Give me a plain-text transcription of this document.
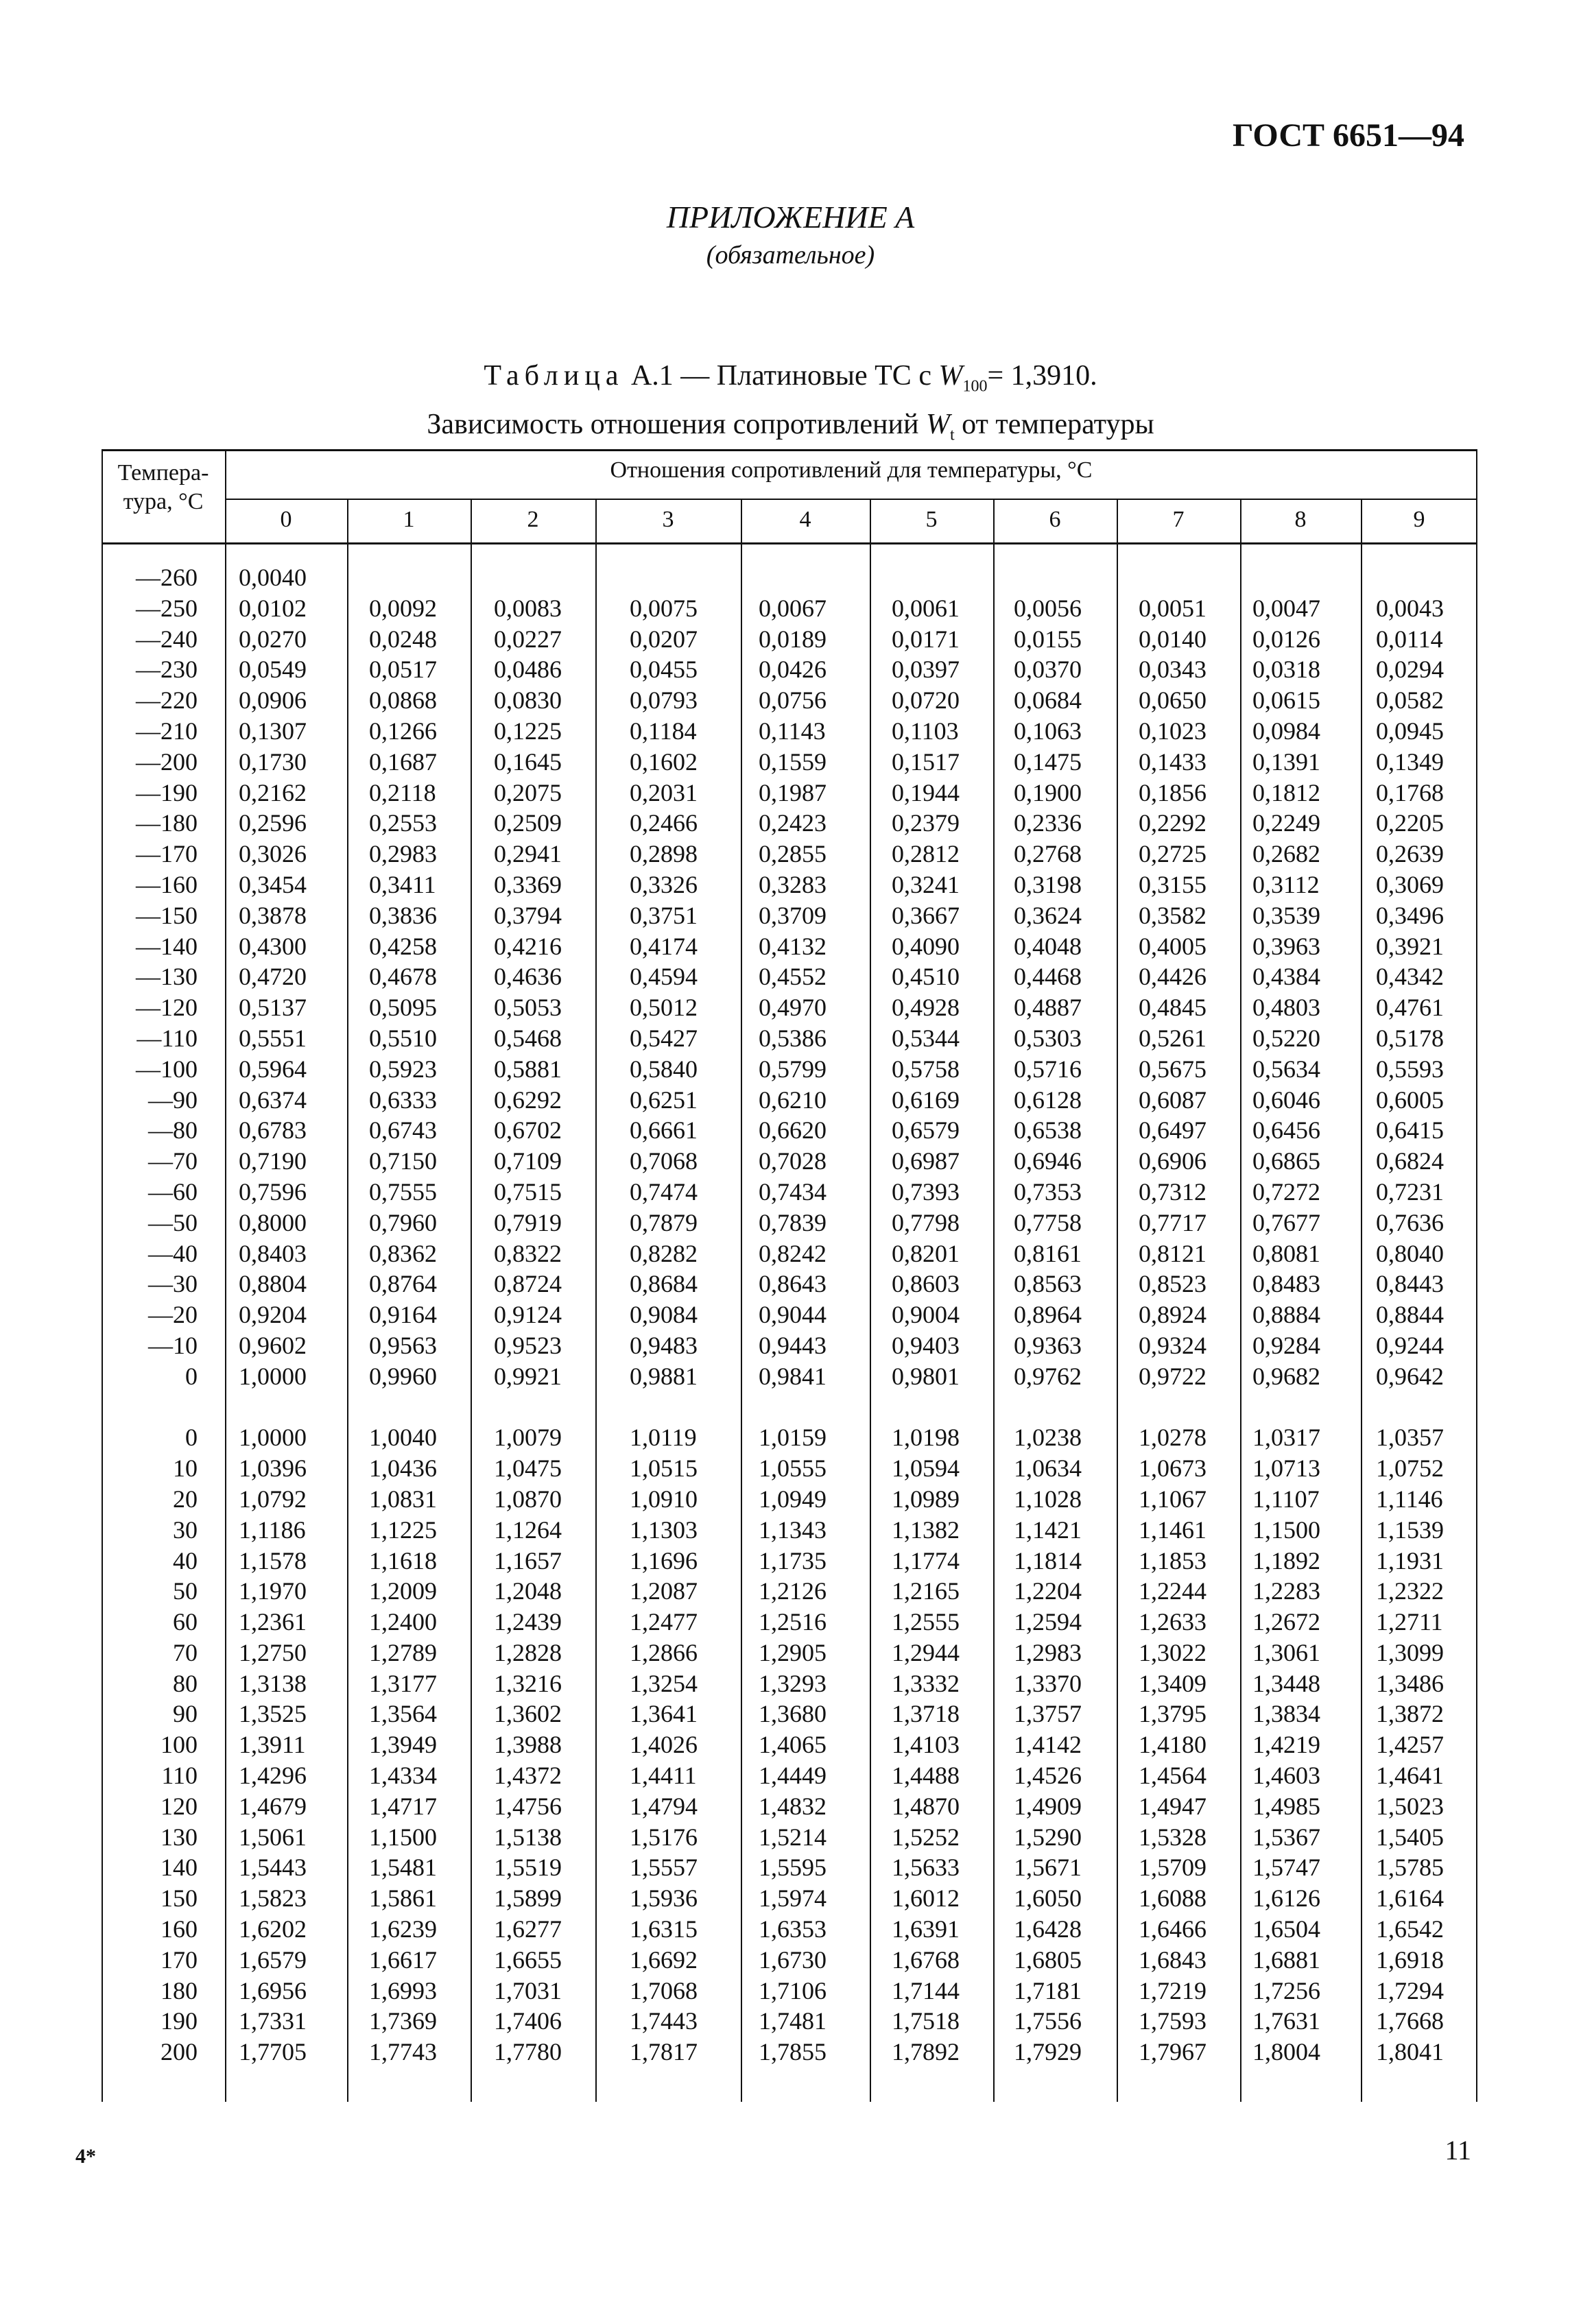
ГОСТ 6651—94
ПРИЛОЖЕНИЕ А
(обязательное)
Таблица А.1 — Платиновые ТС с $W_{100}= 1,3910$.
Зависимость отношения сопротивлений $W_t$ от температуры
Темпера-
тура, °С
Отношения сопротивлений для температуры, °С
0	1	2	3	4	5	6	7	8	9
—260 0,0040
—250 0,0102	0,0092	0,0083	0,0075	0,0067	0,0061	0,0056	0,0051	0,0047	0,0043
—240 0,0270	0,0248	0,0227	0,0207	0,0189	0,0171	0,0155	0,0140	0,0126	0,0114
—230 0,0549	0,0517	0,0486	0,0455	0,0426	0,0397	0,0370	0,0343	0,0318	0,0294
—220 0,0906	0,0868	0,0830	0,0793	0,0756	0,0720	0,0684	0,0650	0,0615	0,0582
—210 0,1307	0,1266	0,1225	0,1184	0,1143	0,1103	0,1063	0,1023	0,0984	0,0945
—200 0,1730	0,1687	0,1645	0,1602	0,1559	0,1517	0,1475	0,1433	0,1391	0,1349
—190 0,2162	0,2118	0,2075	0,2031	0,1987	0,1944	0,1900	0,1856	0,1812	0,1768
—180 0,2596	0,2553	0,2509	0,2466	0,2423	0,2379	0,2336	0,2292	0,2249	0,2205
—170 0,3026	0,2983	0,2941	0,2898	0,2855	0,2812	0,2768	0,2725	0,2682	0,2639
—160 0,3454	0,3411	0,3369	0,3326	0,3283	0,3241	0,3198	0,3155	0,3112	0,3069
—150 0,3878	0,3836	0,3794	0,3751	0,3709	0,3667	0,3624	0,3582	0,3539	0,3496
—140 0,4300	0,4258	0,4216	0,4174	0,4132	0,4090	0,4048	0,4005	0,3963	0,3921
—130 0,4720	0,4678	0,4636	0,4594	0,4552	0,4510	0,4468	0,4426	0,4384	0,4342
—120 0,5137	0,5095	0,5053	0,5012	0,4970	0,4928	0,4887	0,4845	0,4803	0,4761
—110 0,5551	0,5510	0,5468	0,5427	0,5386	0,5344	0,5303	0,5261	0,5220	0,5178
—100 0,5964	0,5923	0,5881	0,5840	0,5799	0,5758	0,5716	0,5675	0,5634	0,5593
—90 0,6374	0,6333	0,6292	0,6251	0,6210	0,6169	0,6128	0,6087	0,6046	0,6005
—80 0,6783	0,6743	0,6702	0,6661	0,6620	0,6579	0,6538	0,6497	0,6456	0,6415
—70 0,7190	0,7150	0,7109	0,7068	0,7028	0,6987	0,6946	0,6906	0,6865	0,6824
—60 0,7596	0,7555	0,7515	0,7474	0,7434	0,7393	0,7353	0,7312	0,7272	0,7231
—50 0,8000	0,7960	0,7919	0,7879	0,7839	0,7798	0,7758	0,7717	0,7677	0,7636
—40 0,8403	0,8362	0,8322	0,8282	0,8242	0,8201	0,8161	0,8121	0,8081	0,8040
—30 0,8804	0,8764	0,8724	0,8684	0,8643	0,8603	0,8563	0,8523	0,8483	0,8443
—20 0,9204	0,9164	0,9124	0,9084	0,9044	0,9004	0,8964	0,8924	0,8884	0,8844
—10 0,9602	0,9563	0,9523	0,9483	0,9443	0,9403	0,9363	0,9324	0,9284	0,9244
0 1,0000	0,9960	0,9921	0,9881	0,9841	0,9801	0,9762	0,9722	0,9682	0,9642
0 1,0000	1,0040	1,0079	1,0119	1,0159	1,0198	1,0238	1,0278	1,0317	1,0357
10 1,0396	1,0436	1,0475	1,0515	1,0555	1,0594	1,0634	1,0673	1,0713	1,0752
20 1,0792	1,0831	1,0870	1,0910	1,0949	1,0989	1,1028	1,1067	1,1107	1,1146
30 1,1186	1,1225	1,1264	1,1303	1,1343	1,1382	1,1421	1,1461	1,1500	1,1539
40 1,1578	1,1618	1,1657	1,1696	1,1735	1,1774	1,1814	1,1853	1,1892	1,1931
50 1,1970	1,2009	1,2048	1,2087	1,2126	1,2165	1,2204	1,2244	1,2283	1,2322
60 1,2361	1,2400	1,2439	1,2477	1,2516	1,2555	1,2594	1,2633	1,2672	1,2711
70 1,2750	1,2789	1,2828	1,2866	1,2905	1,2944	1,2983	1,3022	1,3061	1,3099
80 1,3138	1,3177	1,3216	1,3254	1,3293	1,3332	1,3370	1,3409	1,3448	1,3486
90 1,3525	1,3564	1,3602	1,3641	1,3680	1,3718	1,3757	1,3795	1,3834	1,3872
100 1,3911	1,3949	1,3988	1,4026	1,4065	1,4103	1,4142	1,4180	1,4219	1,4257
110 1,4296	1,4334	1,4372	1,4411	1,4449	1,4488	1,4526	1,4564	1,4603	1,4641
120 1,4679	1,4717	1,4756	1,4794	1,4832	1,4870	1,4909	1,4947	1,4985	1,5023
130 1,5061	1,1500	1,5138	1,5176	1,5214	1,5252	1,5290	1,5328	1,5367	1,5405
140 1,5443	1,5481	1,5519	1,5557	1,5595	1,5633	1,5671	1,5709	1,5747	1,5785
150 1,5823	1,5861	1,5899	1,5936	1,5974	1,6012	1,6050	1,6088	1,6126	1,6164
160 1,6202	1,6239	1,6277	1,6315	1,6353	1,6391	1,6428	1,6466	1,6504	1,6542
170 1,6579	1,6617	1,6655	1,6692	1,6730	1,6768	1,6805	1,6843	1,6881	1,6918
180 1,6956	1,6993	1,7031	1,7068	1,7106	1,7144	1,7181	1,7219	1,7256	1,7294
190 1,7331	1,7369	1,7406	1,7443	1,7481	1,7518	1,7556	1,7593	1,7631	1,7668
200 1,7705	1,7743	1,7780	1,7817	1,7855	1,7892	1,7929	1,7967	1,8004	1,8041
4*	11
